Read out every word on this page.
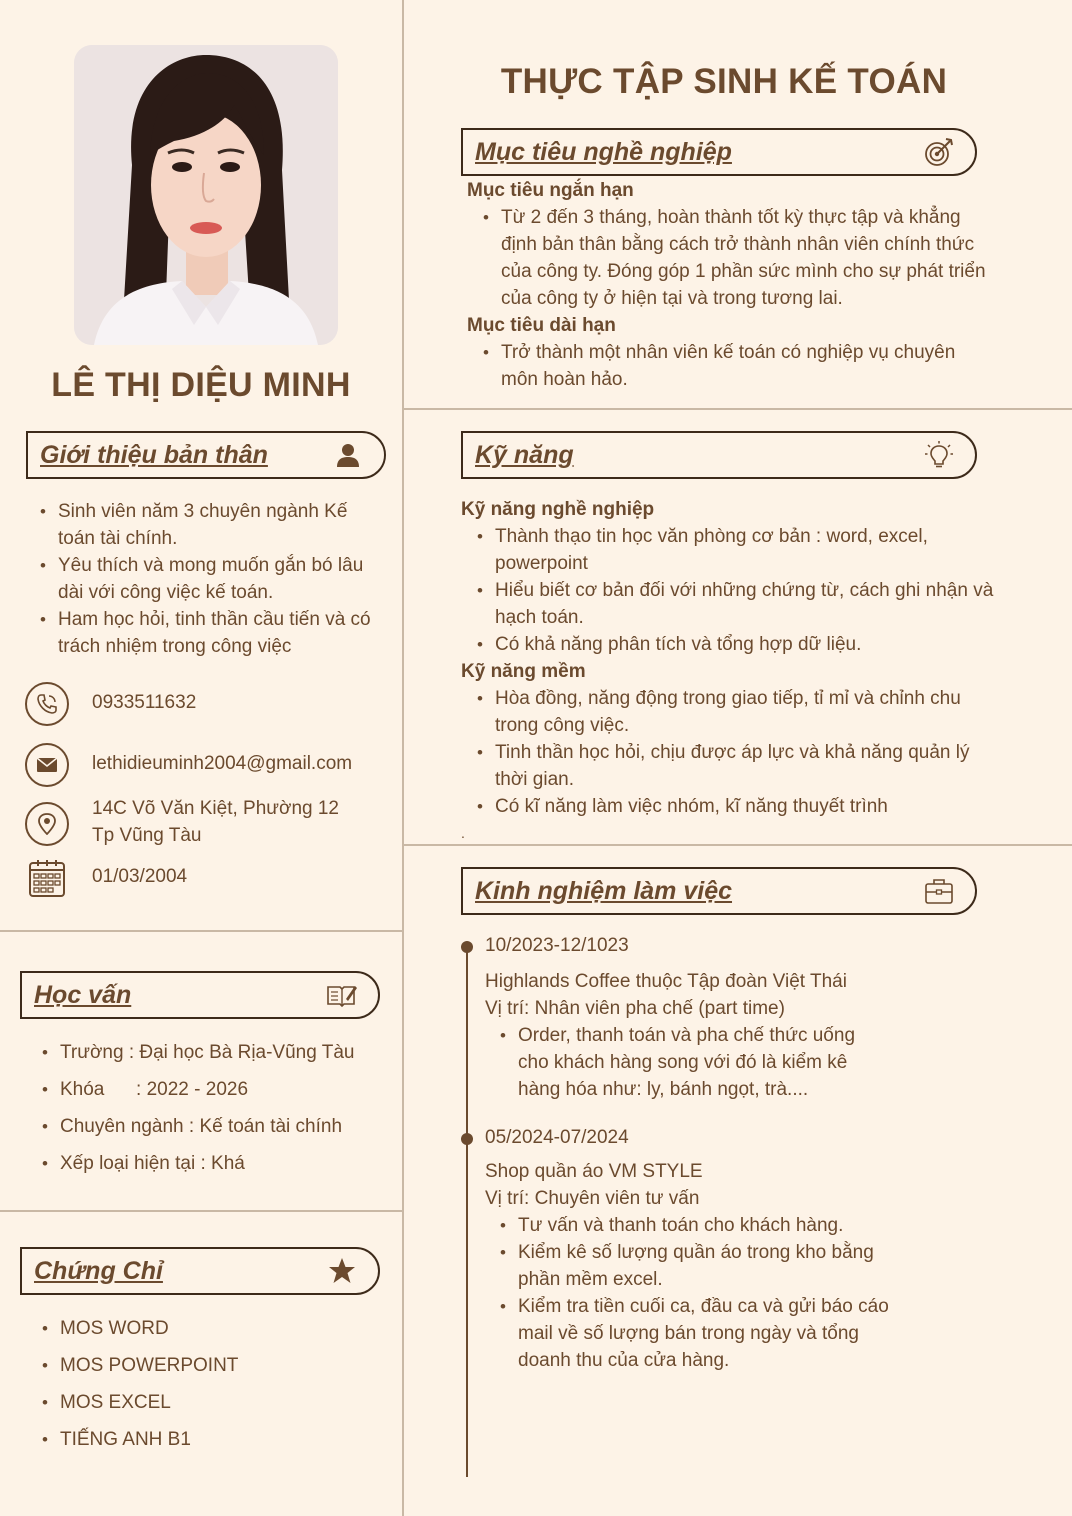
LÊ THỊ DIỆU MINH
THỰC TẬP SINH KẾ TOÁN
Giới thiệu bản thân
• Sinh viên năm 3 chuyên ngành Kế toán tài chính.
• Yêu thích và mong muốn gắn bó lâu dài với công việc kế toán.
• Ham học hỏi, tinh thần cầu tiến và có trách nhiệm trong công việc
0933511632
lethidieuminh2004@gmail.com
14C Võ Văn Kiệt, Phường 12
Tp Vũng Tàu
01/03/2004
Học vấn
• Trường : Đại học Bà Rịa-Vũng Tàu
• Khóa      : 2022 - 2026
• Chuyên ngành : Kế toán tài chính
• Xếp loại hiện tại : Khá
Chứng Chỉ
• MOS WORD
• MOS POWERPOINT
• MOS EXCEL
• TIẾNG ANH B1
Mục tiêu nghề nghiệp
Mục tiêu ngắn hạn
• Từ 2 đến 3 tháng, hoàn thành tốt kỳ thực tập và khẳng định bản thân bằng cách trở thành nhân viên chính thức của công ty. Đóng góp 1 phần sức mình cho sự phát triển của công ty ở hiện tại và trong tương lai.
Mục tiêu dài hạn
• Trở thành một nhân viên kế toán có nghiệp vụ chuyên môn hoàn hảo.
Kỹ năng
Kỹ năng nghề nghiệp
• Thành thạo tin học văn phòng cơ bản : word, excel, powerpoint
• Hiểu biết cơ bản đối với những chứng từ, cách ghi nhận và hạch toán.
• Có khả năng phân tích và tổng hợp dữ liệu.
Kỹ năng mềm
• Hòa đồng, năng động trong giao tiếp, tỉ mỉ và chỉnh chu trong công việc.
• Tinh thần học hỏi, chịu được áp lực và khả năng quản lý thời gian.
• Có kĩ năng làm việc nhóm, kĩ năng thuyết trình
.
Kinh nghiệm làm việc
10/2023-12/1023
Highlands Coffee thuộc Tập đoàn Việt Thái
Vị trí: Nhân viên pha chế (part time)
• Order, thanh toán và pha chế thức uống cho khách hàng song với đó là kiểm kê hàng hóa như: ly, bánh ngọt, trà....
05/2024-07/2024
Shop quần áo VM STYLE
Vị trí: Chuyên viên tư vấn
• Tư vấn và thanh toán cho khách hàng.
• Kiểm kê số lượng quần áo trong kho bằng phần mềm excel.
• Kiểm tra tiền cuối ca, đầu ca và gửi báo cáo mail về số lượng bán trong ngày và tổng doanh thu của cửa hàng.
